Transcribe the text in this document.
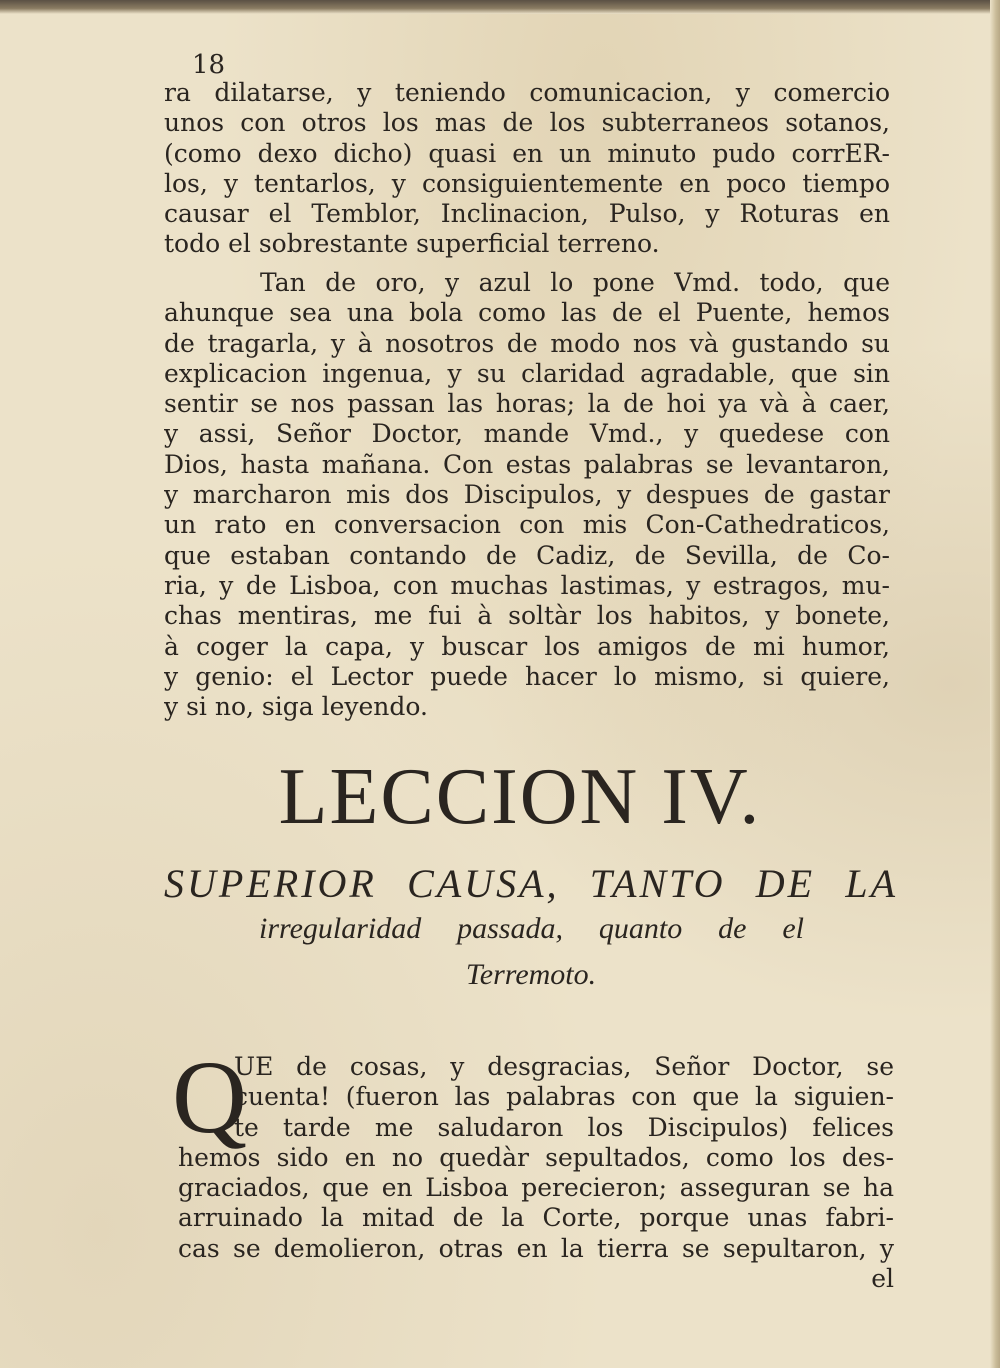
18
ra dilatarse, y teniendo comunicacion, y comercio
unos con otros los mas de los subterraneos sotanos,
(como dexo dicho) quasi en un minuto pudo corrER-
los, y tentarlos, y consiguientemente en poco tiempo
causar el Temblor, Inclinacion, Pulso, y Roturas en
todo el sobrestante superficial terreno.
Tan de oro, y azul lo pone Vmd. todo, que
ahunque sea una bola como las de el Puente, hemos
de tragarla, y à nosotros de modo nos và gustando su
explicacion ingenua, y su claridad agradable, que sin
sentir se nos passan las horas; la de hoi ya và à caer,
y assi, Señor Doctor, mande Vmd., y quedese con
Dios, hasta mañana. Con estas palabras se levantaron,
y marcharon mis dos Discipulos, y despues de gastar
un rato en conversacion con mis Con-Cathedraticos,
que estaban contando de Cadiz, de Sevilla, de Co-
ria, y de Lisboa, con muchas lastimas, y estragos, mu-
chas mentiras, me fui à soltàr los habitos, y bonete,
à coger la capa, y buscar los amigos de mi humor,
y genio: el Lector puede hacer lo mismo, si quiere,
y si no, siga leyendo.
LECCION IV.
SUPERIOR CAUSA, TANTO DE LA
irregularidad passada, quanto de el
Terremoto.
Q
UE de cosas, y desgracias, Señor Doctor, se
cuenta! (fueron las palabras con que la siguien-
te tarde me saludaron los Discipulos) felices
hemos sido en no quedàr sepultados, como los des-
graciados, que en Lisboa perecieron; asseguran se ha
arruinado la mitad de la Corte, porque unas fabri-
cas se demolieron, otras en la tierra se sepultaron, y
el
